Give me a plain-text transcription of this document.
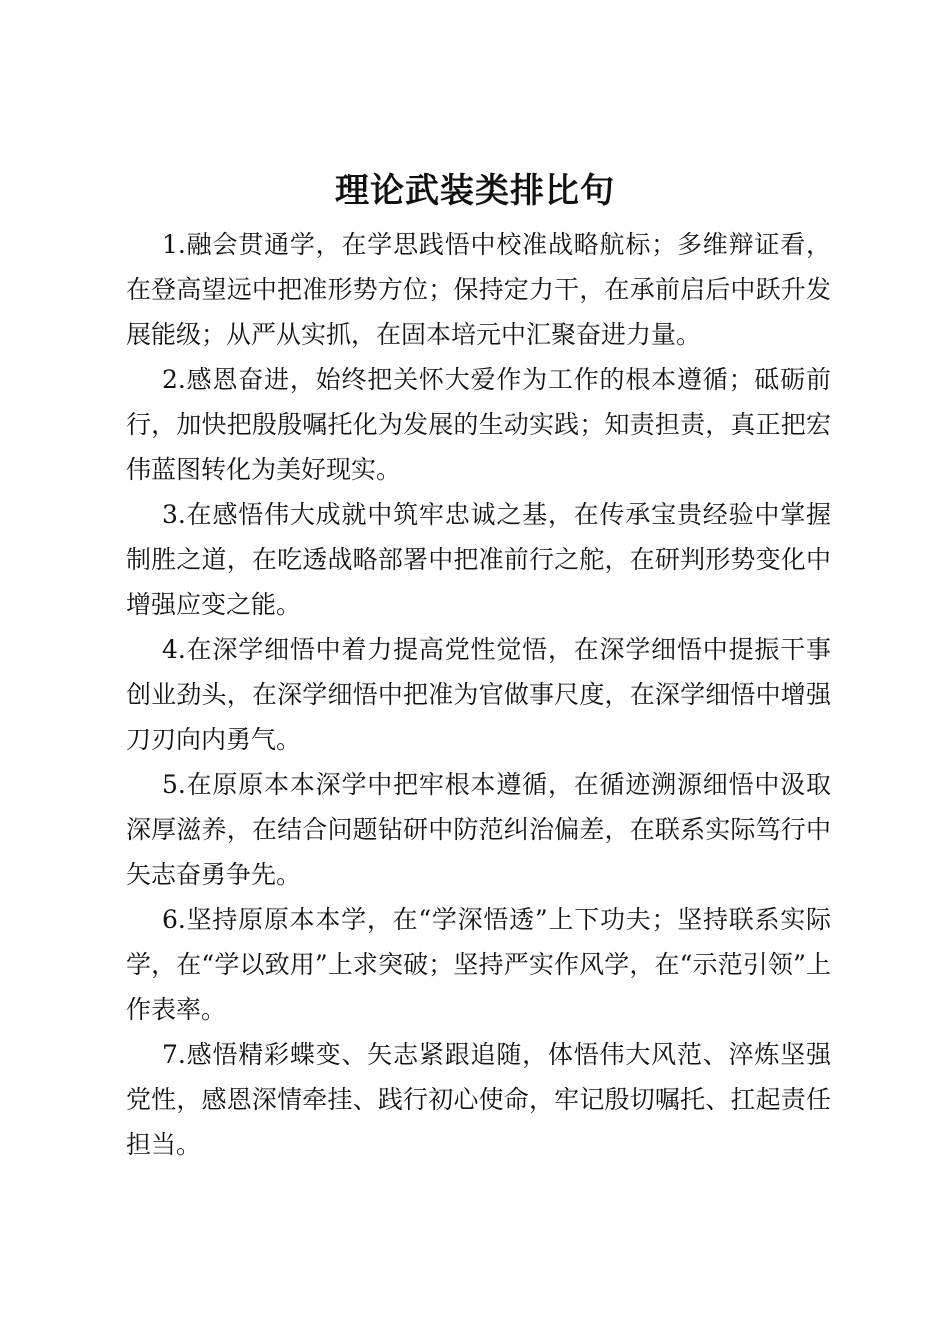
理论武装类排比句

1.融会贯通学，在学思践悟中校准战略航标；多维辩证看，在登高望远中把准形势方位；保持定力干，在承前启后中跃升发展能级；从严从实抓，在固本培元中汇聚奋进力量。

2.感恩奋进，始终把关怀大爱作为工作的根本遵循；砥砺前行，加快把殷殷嘱托化为发展的生动实践；知责担责，真正把宏伟蓝图转化为美好现实。

3.在感悟伟大成就中筑牢忠诚之基，在传承宝贵经验中掌握制胜之道，在吃透战略部署中把准前行之舵，在研判形势变化中增强应变之能。

4.在深学细悟中着力提高党性觉悟，在深学细悟中提振干事创业劲头，在深学细悟中把准为官做事尺度，在深学细悟中增强刀刃向内勇气。

5.在原原本本深学中把牢根本遵循，在循迹溯源细悟中汲取深厚滋养，在结合问题钻研中防范纠治偏差，在联系实际笃行中矢志奋勇争先。

6.坚持原原本本学，在“学深悟透”上下功夫；坚持联系实际学，在“学以致用”上求突破；坚持严实作风学，在“示范引领”上作表率。

7.感悟精彩蝶变、矢志紧跟追随，体悟伟大风范、淬炼坚强党性，感恩深情牵挂、践行初心使命，牢记殷切嘱托、扛起责任担当。
